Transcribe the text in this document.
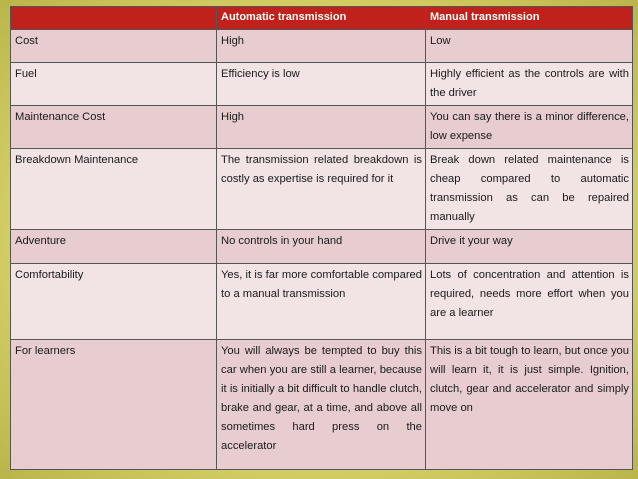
	Automatic transmission	Manual transmission
Cost	High	Low
Fuel	Efficiency is low	Highly efficient as the controls are with the driver
Maintenance Cost	High	You can say there is a minor difference, low expense
Breakdown Maintenance	The transmission related breakdown is costly as expertise is required for it	Break down related maintenance is cheap compared to automatic transmission as can be repaired manually
Adventure	No controls in your hand	Drive it your way
Comfortability	Yes, it is far more comfortable compared to a manual transmission	Lots of concentration and attention is required, needs more effort when you are a learner
For learners	You will always be tempted to buy this car when you are still a learner, because it is initially a bit difficult to handle clutch, brake and gear, at a time, and above all sometimes hard press on the accelerator	This is a bit tough to learn, but once you will learn it, it is just simple. Ignition, clutch, gear and accelerator and simply move on
